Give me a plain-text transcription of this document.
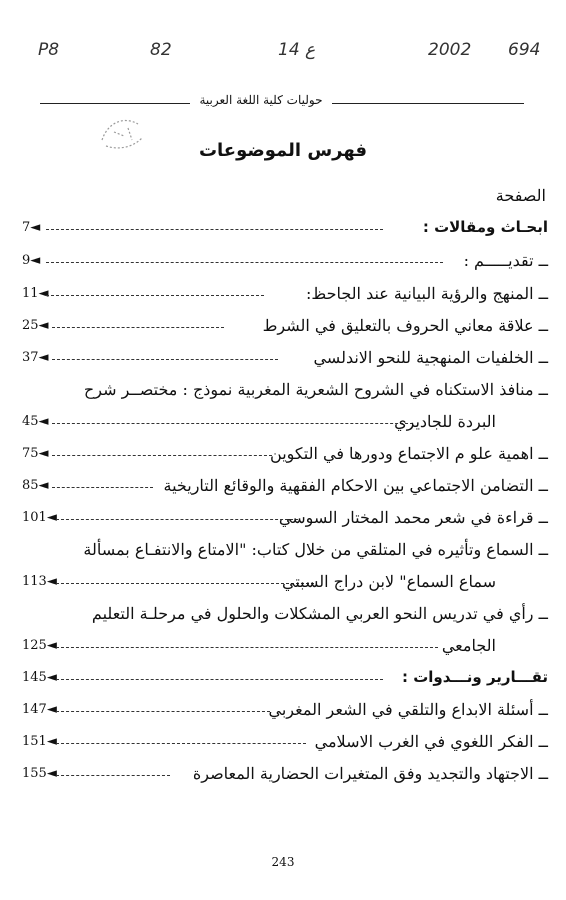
P8	82	ع 14	2002 694
حوليات كلية اللغة العربية
فهرس الموضوعات
الصفحة
7◄	ابحـاث ومقالات :
9◄	ــ تقديـــــم :
11◄	ــ المنهج والرؤية البيانية عند الجاحظ:
25◄	ــ علاقة معاني الحروف بالتعليق في الشرط
37◄	ــ الخلفيات المنهجية للنحو الاندلسي
ــ منافذ الاستكناه في الشروح الشعرية المغربية نموذج : مختصــر شرح
45◄	البردة للجاديري
75◄	ــ اهمية علو م الاجتماع ودورها في التكوين
85◄	ــ التضامن الاجتماعي بين الاحكام الفقهية والوقائع التاريخية
101◄	ــ قراءة في شعر محمد المختار السوسي
ــ السماع وتأثيره في المتلقي من خلال كتاب: "الامتاع والانتفـاع بمسألة
113◄	سماع السماع" لابن دراج السبتي
ــ رأي في تدريس النحو العربي المشكلات والحلول في مرحلـة التعليم
125◄	الجامعي
145◄	تقـــارير ونـــدوات :
147◄	ــ أسئلة الابداع والتلقي في الشعر المغربي
151◄	ــ الفكر اللغوي في الغرب الاسلامي
155◄	ــ الاجتهاد والتجديد وفق المتغيرات الحضارية المعاصرة
243
